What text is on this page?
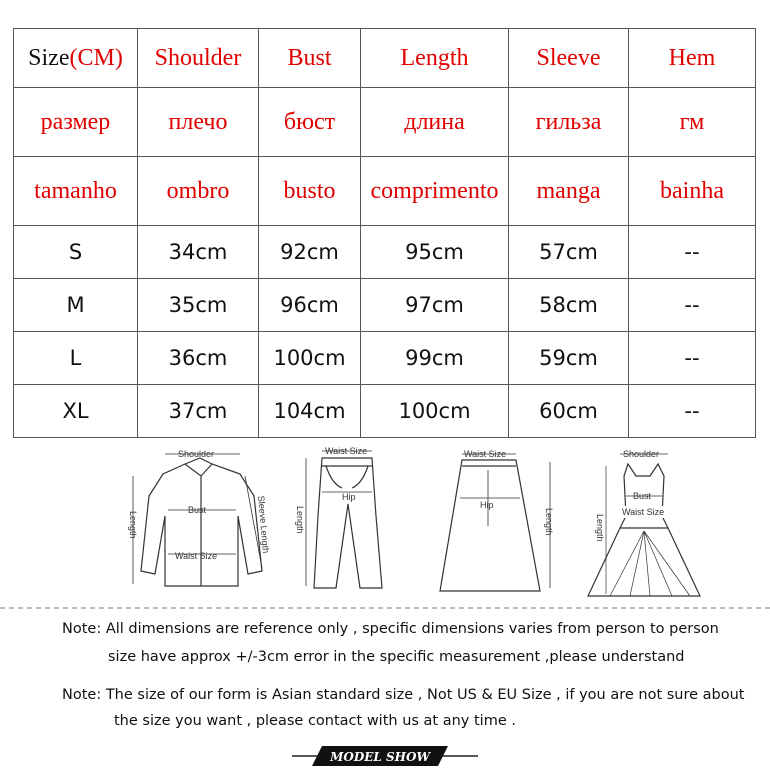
Size(CM)	Shoulder	Bust	Length	Sleeve	Hem
размер	плечо	бюст	длина	гильза	гм
tamanho	ombro	busto	comprimento	manga	bainha
S	34cm	92cm	95cm	57cm	--
M	35cm	96cm	97cm	58cm	--
L	36cm	100cm	99cm	59cm	--
XL	37cm	104cm	100cm	60cm	--
Shoulder
Bust
Waist Size
Length	Sleeve Length
Waist Size
Hip
Length
Waist Size
Hip
Length
Shoulder
Bust
Waist Size
Length
Note: All dimensions are reference only , specific dimensions varies from person to person
size have approx +/-3cm error in the specific measurement ,please understand
Note: The size of our form is Asian standard size , Not US & EU Size , if you are not sure about
the size you want , please contact with us at any time .
MODEL SHOW
